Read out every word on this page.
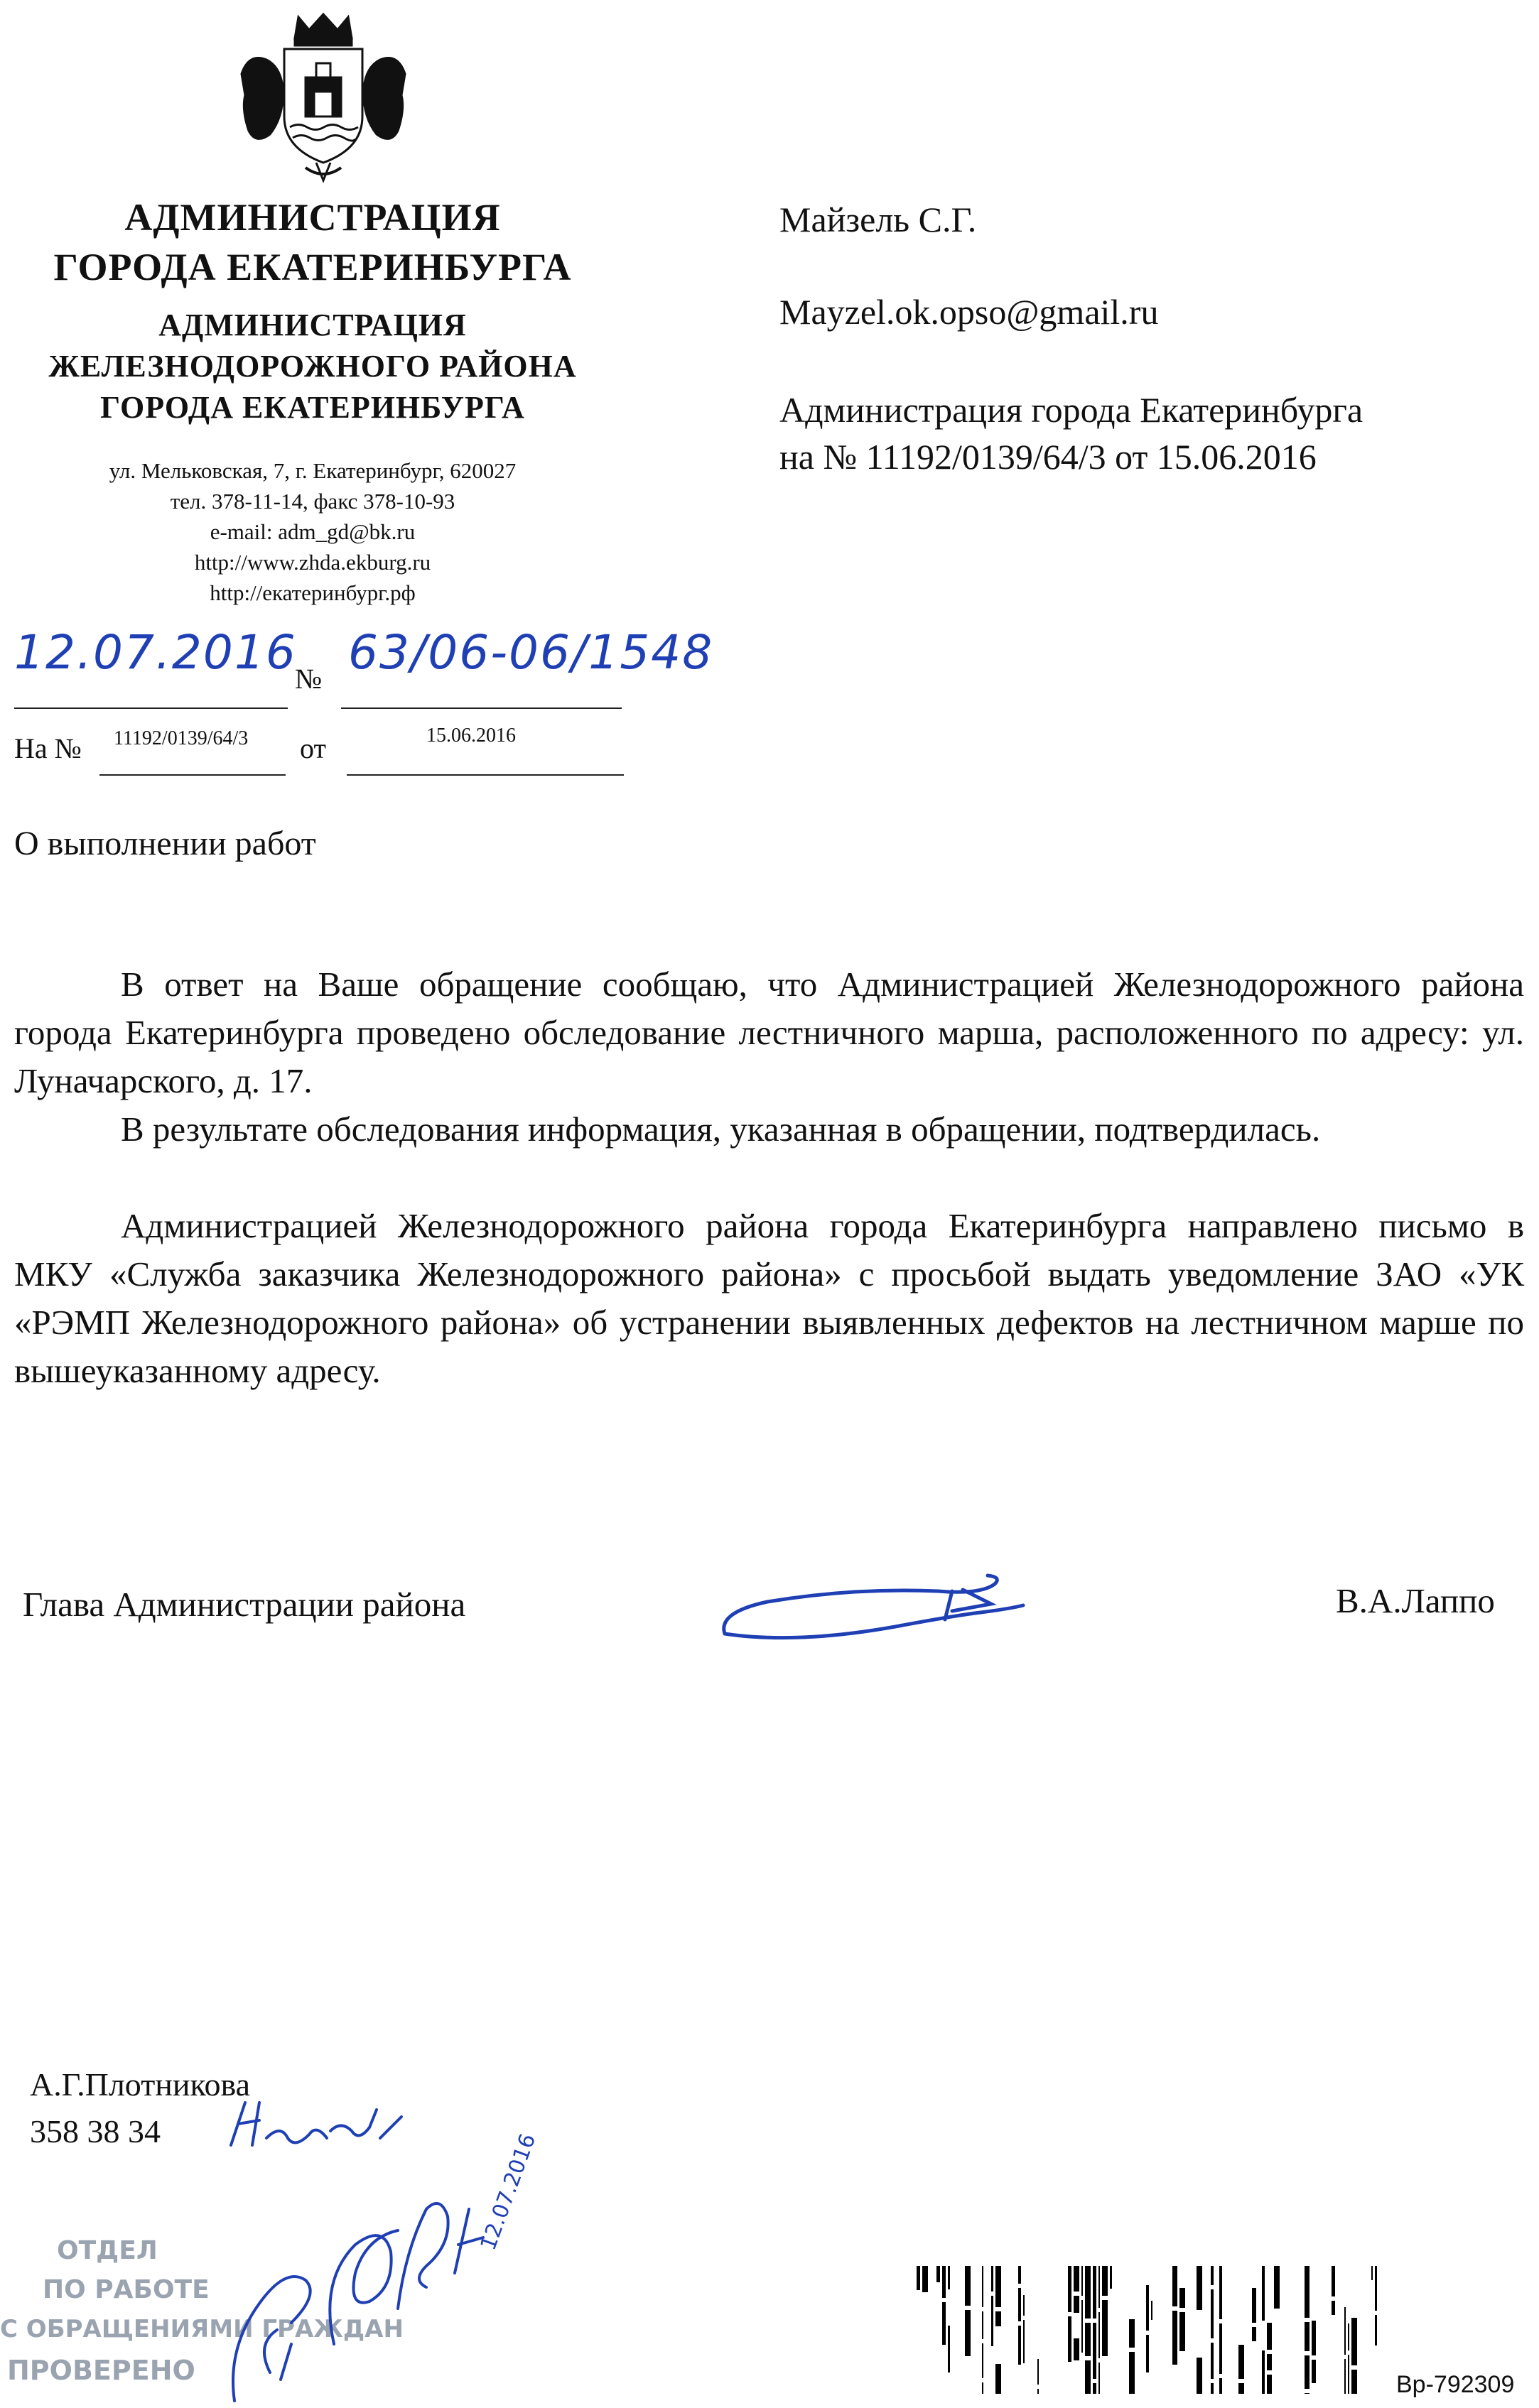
АДМИНИСТРАЦИЯ
ГОРОДА ЕКАТЕРИНБУРГА
АДМИНИСТРАЦИЯ
ЖЕЛЕЗНОДОРОЖНОГО РАЙОНА
ГОРОДА ЕКАТЕРИНБУРГА
ул. Мельковская, 7, г. Екатеринбург, 620027
тел. 378-11-14, факс 378-10-93
e-mail: adm_gd@bk.ru
http://www.zhda.ekburg.ru
http://екатеринбург.рф
12.07.2016
№ 63/06-06/1548
На № 11192/0139/64/3 от	15.06.2016
Майзель С.Г.
Mayzel.ok.opso@gmail.ru
Администрация города Екатеринбурга
на № 11192/0139/64/3 от 15.06.2016
О выполнении работ
В ответ на Ваше обращение сообщаю, что Администрацией Железнодорожного района города Екатеринбурга проведено обследование лестничного марша, расположенного по адресу: ул. Луначарского, д. 17.
В результате обследования информация, указанная в обращении, подтвердилась.
Администрацией Железнодорожного района города Екатеринбурга направлено письмо в МКУ «Служба заказчика Железнодорожного района» с просьбой выдать уведомление ЗАО «УК «РЭМП Железнодорожного района» об устранении выявленных дефектов на лестничном марше по вышеуказанному адресу.
Глава Администрации района	В.А.Лаппо
А.Г.Плотникова
358 38 34
ОТДЕЛ
ПО РАБОТЕ
С ОБРАЩЕНИЯМИ ГРАЖДАН
ПРОВЕРЕНО
12.07.2016
Вр-792309
